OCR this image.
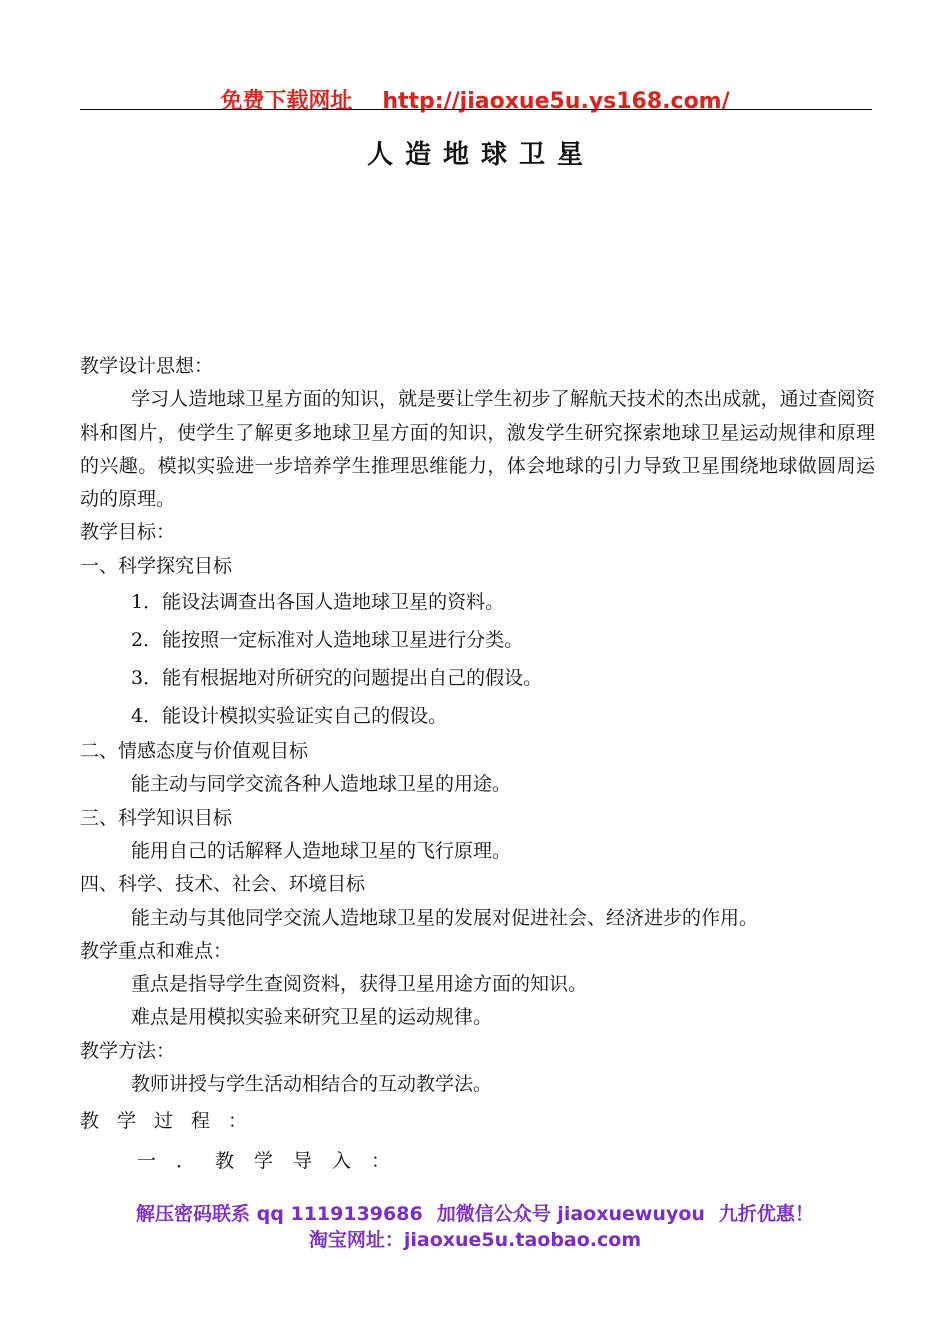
免费下载网址 http://jiaoxue5u.ys168.com/
人造地球卫星
教学设计思想：
学习人造地球卫星方面的知识，就是要让学生初步了解航天技术的杰出成就，通过查阅资料和图片，使学生了解更多地球卫星方面的知识，激发学生研究探索地球卫星运动规律和原理的兴趣。模拟实验进一步培养学生推理思维能力，体会地球的引力导致卫星围绕地球做圆周运动的原理。
教学目标：
一、科学探究目标
1．能设法调查出各国人造地球卫星的资料。
2．能按照一定标准对人造地球卫星进行分类。
3．能有根据地对所研究的问题提出自己的假设。
4．能设计模拟实验证实自己的假设。
二、情感态度与价值观目标
能主动与同学交流各种人造地球卫星的用途。
三、科学知识目标
能用自己的话解释人造地球卫星的飞行原理。
四、科学、技术、社会、环境目标
能主动与其他同学交流人造地球卫星的发展对促进社会、经济进步的作用。
教学重点和难点：
重点是指导学生查阅资料，获得卫星用途方面的知识。
难点是用模拟实验来研究卫星的运动规律。
教学方法：
教师讲授与学生活动相结合的互动教学法。
教学过程：
一．教学导入：
解压密码联系 qq 1119139686 加微信公众号 jiaoxuewuyou 九折优惠！
淘宝网址：jiaoxue5u.taobao.com
